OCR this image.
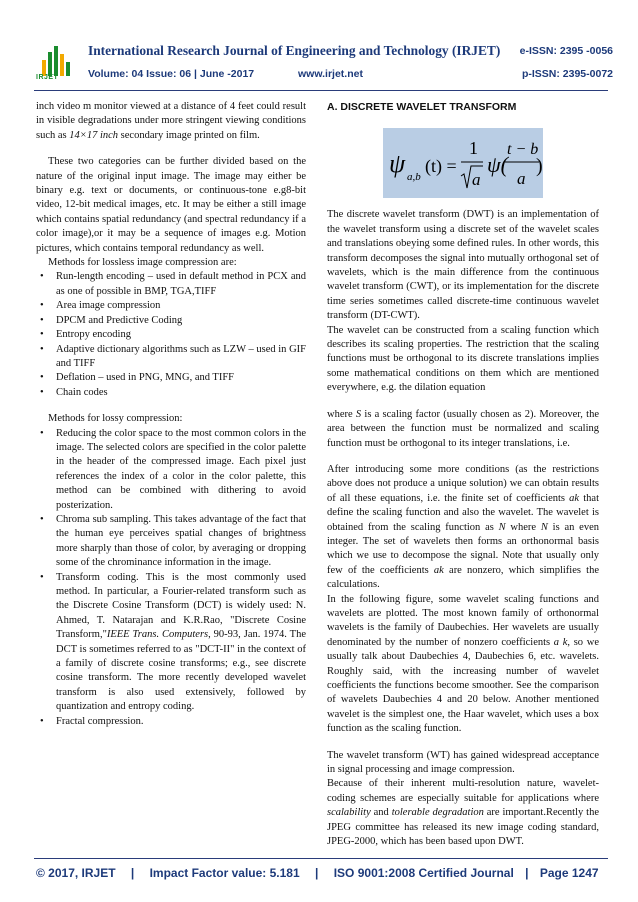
IRJET
International Research Journal of Engineering and Technology (IRJET) e-ISSN: 2395 -0056
Volume: 04 Issue: 06 | June -2017	www.irjet.net	p-ISSN: 2395-0072

inch video m monitor viewed at a distance of 4 feet could result in visible degradations under more stringent viewing conditions such as 14×17 inch secondary image printed on film.

These two categories can be further divided based on the nature of the original input image. The image may either be binary e.g. text or documents, or continuous-tone e.g8-bit video, 12-bit medical images, etc. It may be either a still image which contains spatial redundancy (and spectral redundancy if a color image),or it may be a sequence of images e.g. Motion pictures, which contains temporal redundancy as well.

Methods for lossless image compression are:

• Run-length encoding – used in default method in PCX and as one of possible in BMP, TGA,TIFF
• Area image compression
• DPCM and Predictive Coding
• Entropy encoding
• Adaptive dictionary algorithms such as LZW – used in GIF and TIFF
• Deflation – used in PNG, MNG, and TIFF
• Chain codes

Methods for lossy compression:

• Reducing the color space to the most common colors in the image. The selected colors are specified in the color palette in the header of the compressed image. Each pixel just references the index of a color in the color palette, this method can be combined with dithering to avoid posterization.
• Chroma sub sampling. This takes advantage of the fact that the human eye perceives spatial changes of brightness more sharply than those of color, by averaging or dropping some of the chrominance information in the image.
• Transform coding. This is the most commonly used method. In particular, a Fourier-related transform such as the Discrete Cosine Transform (DCT) is widely used: N. Ahmed, T. Natarajan and K.R.Rao, "Discrete Cosine Transform,"IEEE Trans. Computers, 90-93, Jan. 1974. The DCT is sometimes referred to as "DCT-II" in the context of a family of discrete cosine transforms; e.g., see discrete cosine transform. The more recently developed wavelet transform is also used extensively, followed by quantization and entropy coding.
• Fractal compression.

A. DISCRETE WAVELET TRANSFORM

ψ a,b
(t) =
1
a
ψ(
t − b
a
)

The discrete wavelet transform (DWT) is an implementation of the wavelet transform using a discrete set of the wavelet scales and translations obeying some defined rules. In other words, this transform decomposes the signal into mutually orthogonal set of wavelets, which is the main difference from the continuous wavelet transform (CWT), or its implementation for the discrete time series sometimes called discrete-time continuous wavelet transform (DT-CWT).

The wavelet can be constructed from a scaling function which describes its scaling properties. The restriction that the scaling functions must be orthogonal to its discrete translations implies some mathematical conditions on them which are mentioned everywhere, e.g. the dilation equation

where S is a scaling factor (usually chosen as 2). Moreover, the area between the function must be normalized and scaling function must be orthogonal to its integer translations, i.e.

After introducing some more conditions (as the restrictions above does not produce a unique solution) we can obtain results of all these equations, i.e. the finite set of coefficients ak that define the scaling function and also the wavelet. The wavelet is obtained from the scaling function as N where N is an even integer. The set of wavelets then forms an orthonormal basis which we use to decompose the signal. Note that usually only few of the coefficients ak are nonzero, which simplifies the calculations.

In the following figure, some wavelet scaling functions and wavelets are plotted. The most known family of orthonormal wavelets is the family of Daubechies. Her wavelets are usually denominated by the number of nonzero coefficients a k, so we usually talk about Daubechies 4, Daubechies 6, etc. wavelets. Roughly said, with the increasing number of wavelet coefficients the functions become smoother. See the comparison of wavelets Daubechies 4 and 20 below. Another mentioned wavelet is the simplest one, the Haar wavelet, which uses a box function as the scaling function.

The wavelet transform (WT) has gained widespread acceptance in signal processing and image compression.

Because of their inherent multi-resolution nature, wavelet-coding schemes are especially suitable for applications where scalability and tolerable degradation are important.Recently the JPEG committee has released its new image coding standard, JPEG-2000, which has been based upon DWT.

© 2017, IRJET | Impact Factor value: 5.181 | ISO 9001:2008 Certified Journal | Page 1247
